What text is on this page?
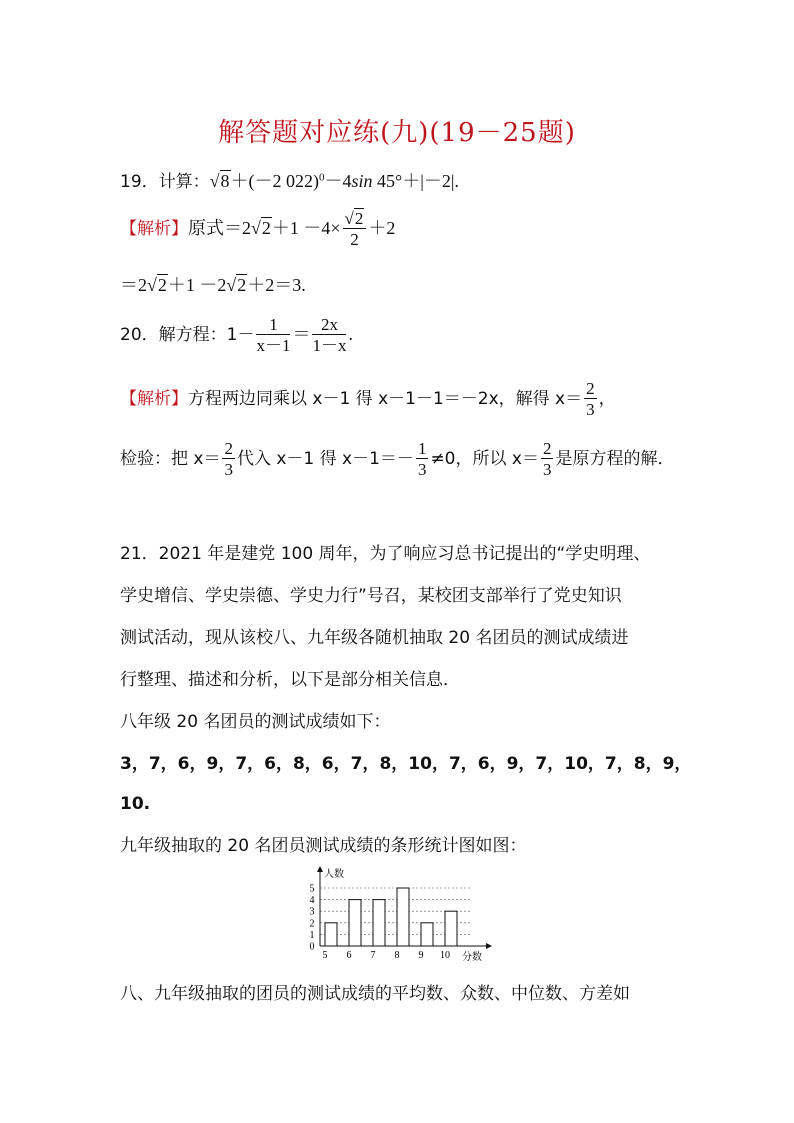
解答题对应练(九)(19－25题)
19．计算：√8＋(－2 022)$^0$－4sin 45°＋|－2|.
【解析】原式$=2√2+1 -4\times \frac{√2}{2} +2$
＝2√2＋1 －2√2＋2＝3.
20．解方程：$1- \frac{1}{x-1} = \frac{2x}{1-x}$ .
【解析】方程两边同乘以 x－1 得 x－1－1＝－2x，解得 $x= \frac{2}{3}$ ，
检验：把 $x= \frac{2}{3}$ 代入 x－1 得 $x-1=- \frac{1}{3} \ne 0$，所以 $x= \frac{2}{3}$ 是原方程的解．
21．2021 年是建党 100 周年，为了响应习总书记提出的“学史明理、
学史增信、学史崇德、学史力行”号召，某校团支部举行了党史知识
测试活动，现从该校八、九年级各随机抽取 20 名团员的测试成绩进
行整理、描述和分析，以下是部分相关信息．
八年级 20 名团员的测试成绩如下：
3，7，6，9，7，6，8，6，7，8，10，7，6，9，7，10，7，8，9，
10.
九年级抽取的 20 名团员测试成绩的条形统计图如图：
人数
分数
0
1
2
3
4
5
5 6 7 8 9 10
八、九年级抽取的团员的测试成绩的平均数、众数、中位数、方差如
